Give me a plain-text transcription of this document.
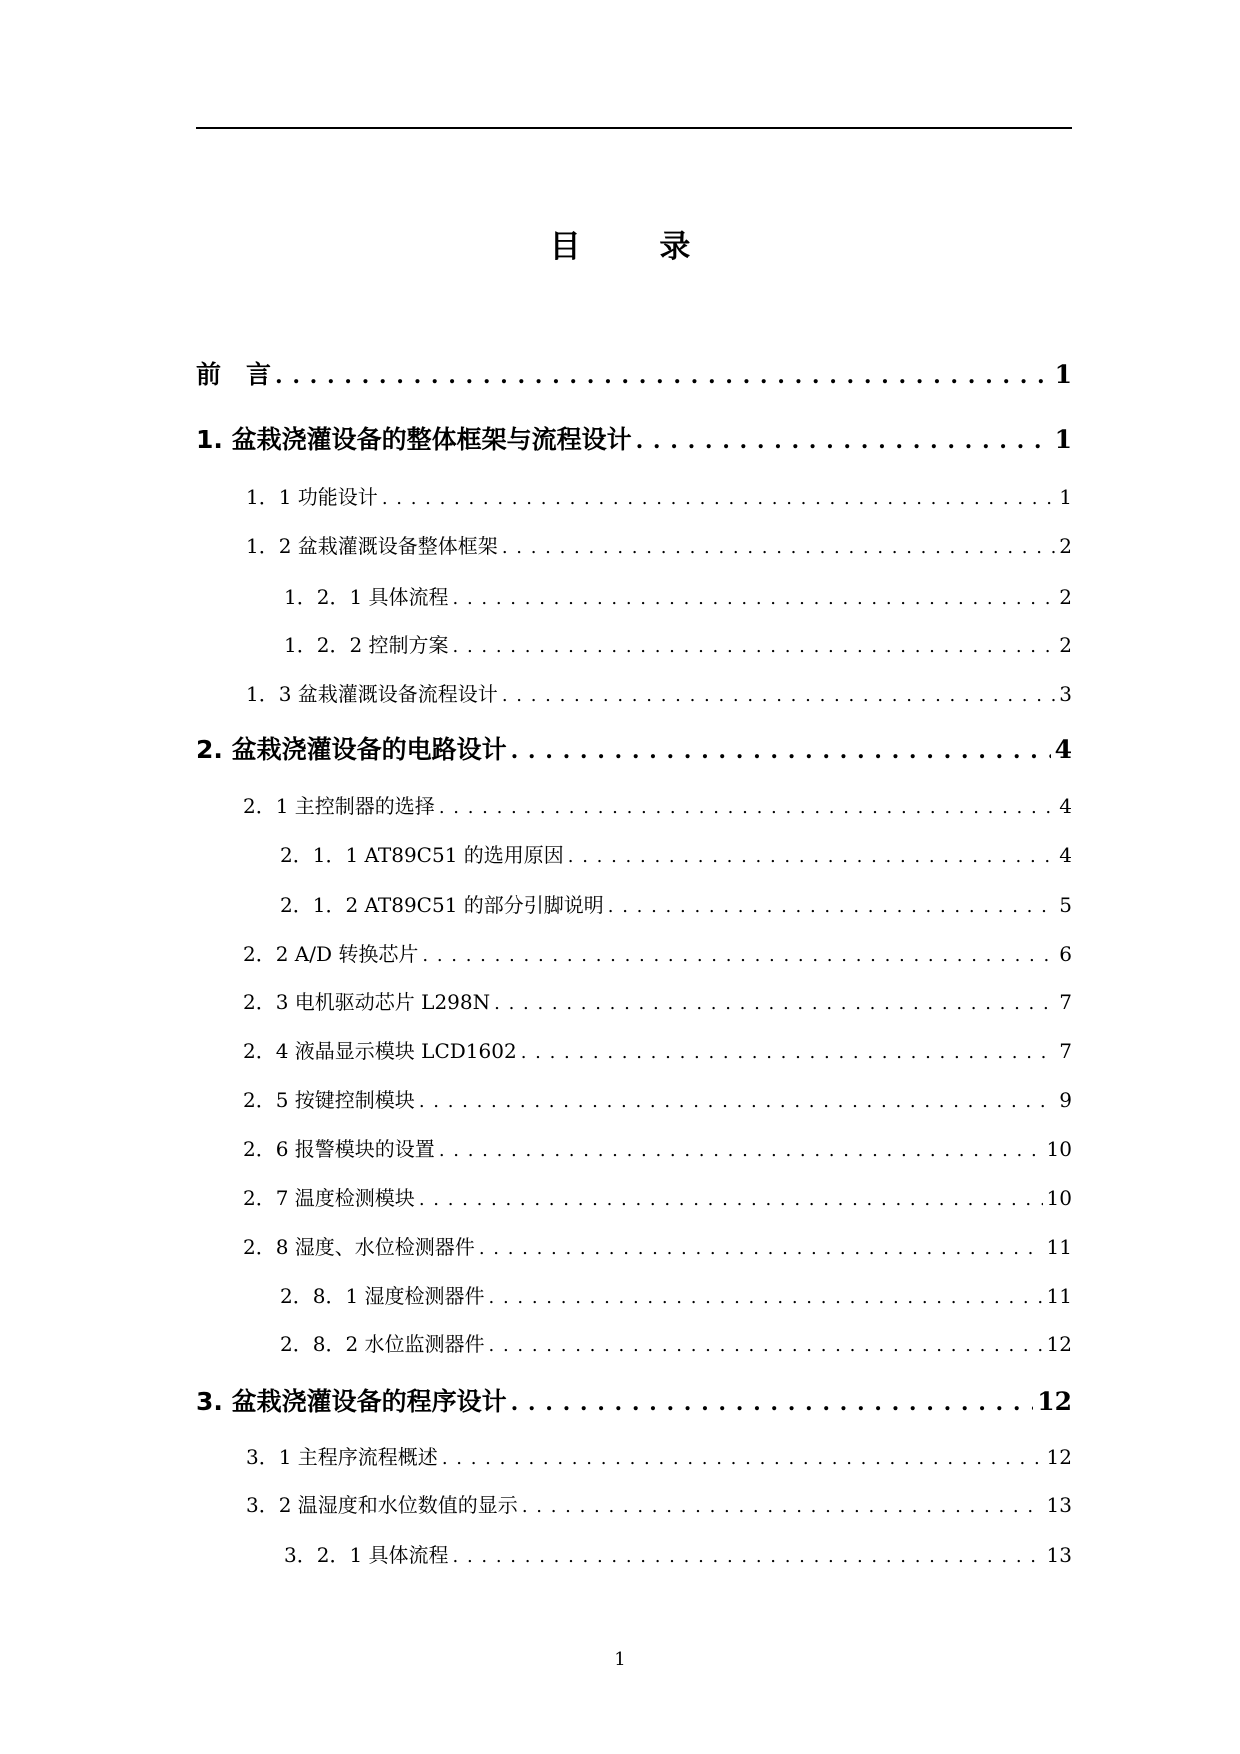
目 录
前　言 . . .	1
1. 盆栽浇灌设备的整体框架与流程设计 . . .	1
1．1 功能设计 . . .	1
1．2 盆栽灌溉设备整体框架 . . .	2
1．2．1 具体流程 . . .	2
1．2．2 控制方案 . . .	2
1．3 盆栽灌溉设备流程设计 . . .	3
2. 盆栽浇灌设备的电路设计 . . .	4
2．1 主控制器的选择 . . .	4
2．1．1 AT89C51 的选用原因 . . .	4
2．1．2 AT89C51 的部分引脚说明 . . .	5
2．2 A/D 转换芯片 . . .	6
2．3 电机驱动芯片 L298N . . .	7
2．4 液晶显示模块 LCD1602 . . .	7
2．5 按键控制模块 . . .	9
2．6 报警模块的设置 . . .	10
2．7 温度检测模块 . . .	10
2．8 湿度、水位检测器件 . . .	11
2．8．1 湿度检测器件 . . .	11
2．8．2 水位监测器件 . . .	12
3. 盆栽浇灌设备的程序设计 . . .	12
3．1 主程序流程概述 . . .	12
3．2 温湿度和水位数值的显示 . . .	13
3．2．1 具体流程 . . .	13
1
